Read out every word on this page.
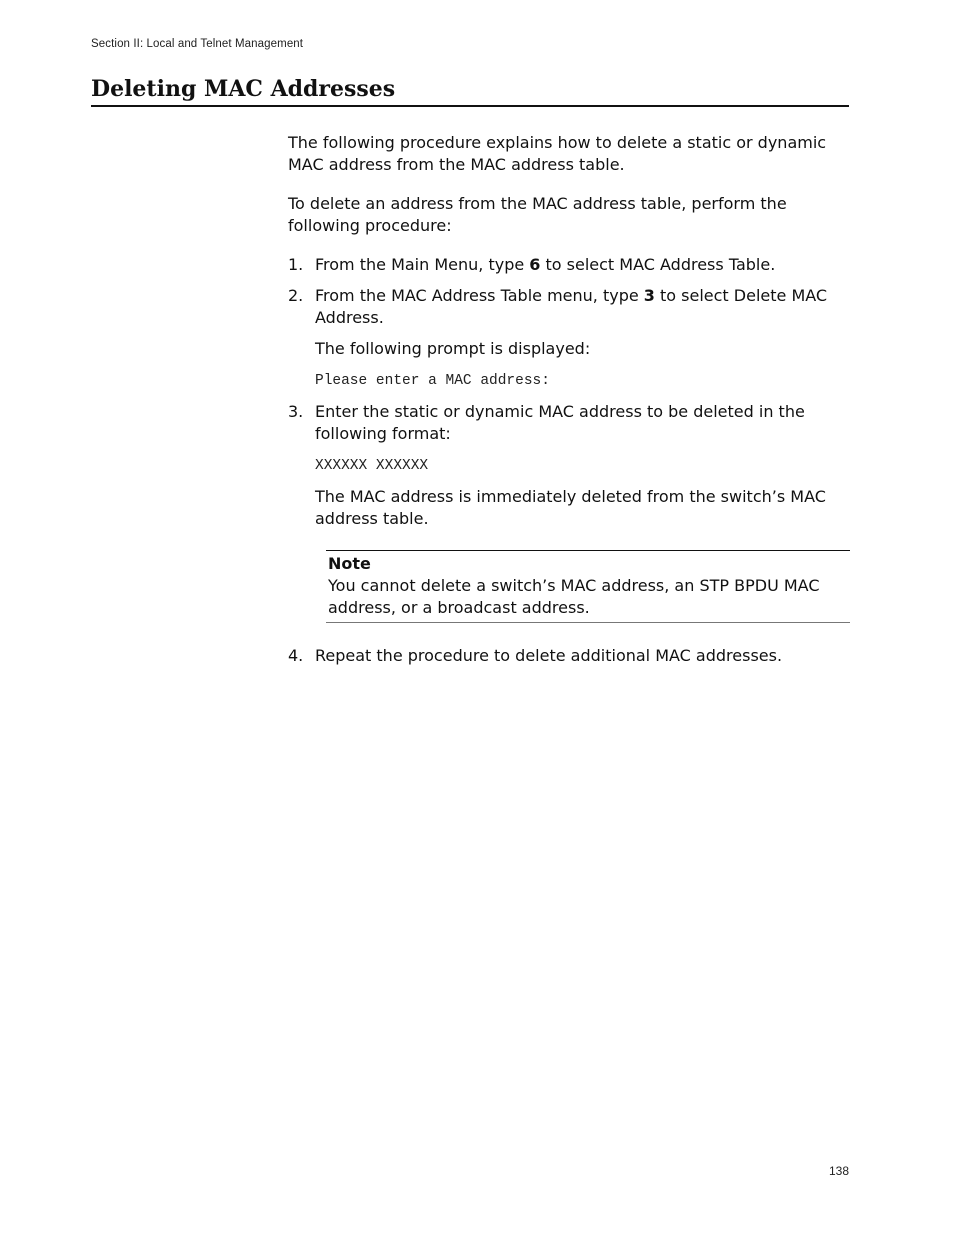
Section II: Local and Telnet Management
Deleting MAC Addresses

The following procedure explains how to delete a static or dynamic MAC address from the MAC address table.

To delete an address from the MAC address table, perform the following procedure:

1. From the Main Menu, type 6 to select MAC Address Table.

2. From the MAC Address Table menu, type 3 to select Delete MAC Address.

The following prompt is displayed:

Please enter a MAC address:

3. Enter the static or dynamic MAC address to be deleted in the following format:

XXXXXX XXXXXX

The MAC address is immediately deleted from the switch’s MAC address table.

Note

You cannot delete a switch’s MAC address, an STP BPDU MAC address, or a broadcast address.

4. Repeat the procedure to delete additional MAC addresses.

138
